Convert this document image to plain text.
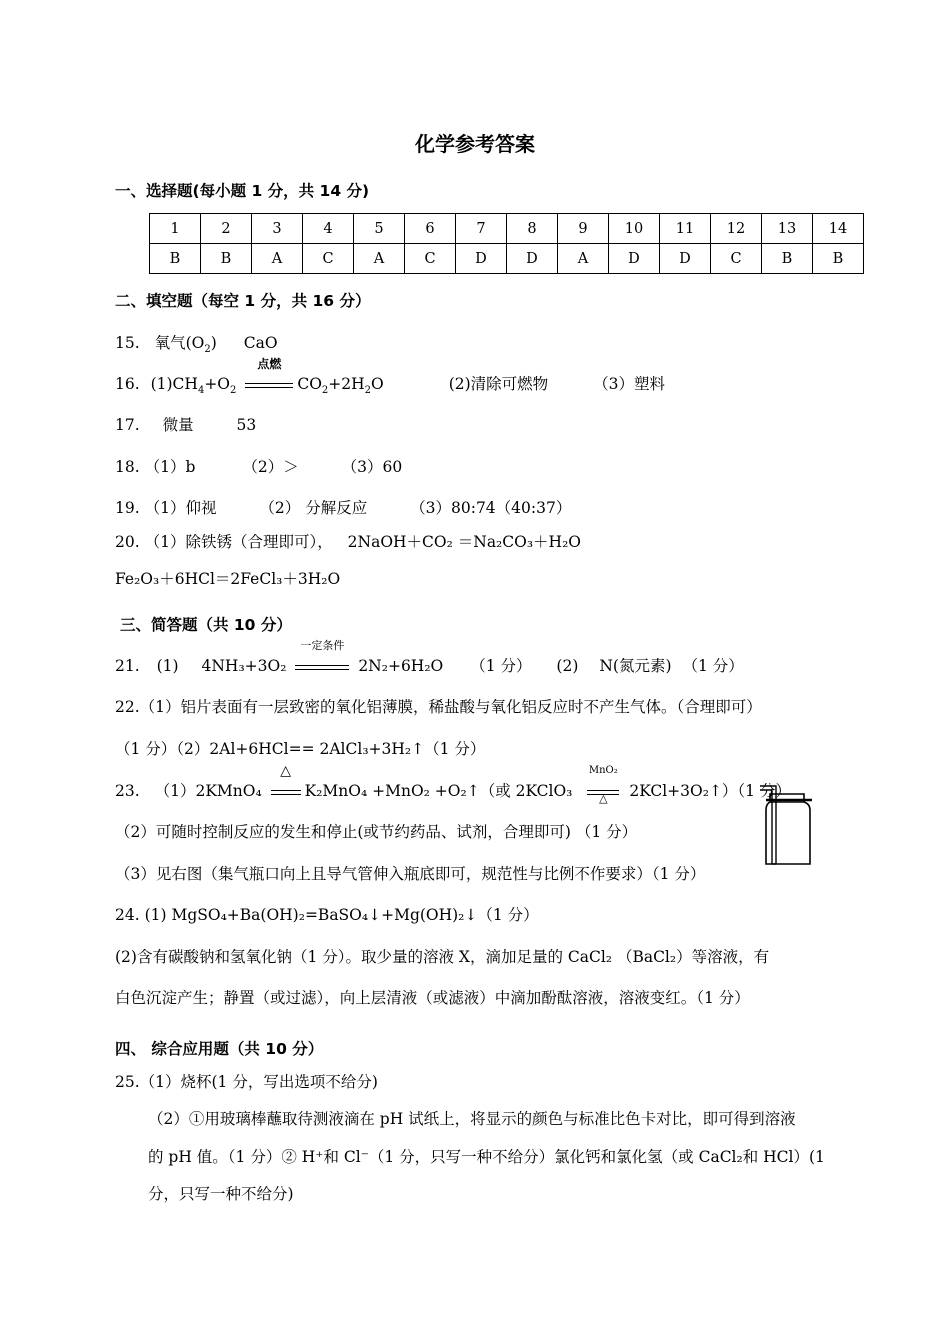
化学参考答案
一、选择题(每小题 1 分，共 14 分)
1	2	3	4	5	6	7	8	9	10	11	12	13	14
B	B	A	C	A	C	D	D	A	D	D	C	B	B
二、填空题（每空 1 分，共 16 分）
15. 氧气$(O_2)$ CaO
16. $(1)CH_4+O_2$
点燃
$CO_2+2H_2O$	(2)清除可燃物	（3）塑料
17. 微量	53
18. （1）b	（2）＞	（3）60
19. （1）仰视	（2） 分解反应	（3）80:74（40:37）
20. （1）除铁锈（合理即可）， 2NaOH＋CO₂ ＝Na₂CO₃＋H₂O
Fe₂O₃＋6HCl＝2FeCl₃＋3H₂O
三、简答题（共 10 分）
21. (1) 4NH₃+3O₂
一定条件
2N₂+6H₂O （1 分） (2) N(氮元素) （1 分）
22.（1）铝片表面有一层致密的氧化铝薄膜，稀盐酸与氧化铝反应时不产生气体。（合理即可）
（1 分）（2）2Al+6HCl== 2AlCl₃+3H₂↑（1 分）
23. （1）2KMnO₄
△
K₂MnO₄ +MnO₂ +O₂↑（或 2KClO₃
MnO₂
△	2KCl+3O₂↑）（1 分）
（2）可随时控制反应的发生和停止(或节约药品、试剂，合理即可) （1 分）
（3）见右图（集气瓶口向上且导气管伸入瓶底即可，规范性与比例不作要求）（1 分）
24. (1) MgSO₄+Ba(OH)₂=BaSO₄↓+Mg(OH)₂↓（1 分）
(2)含有碳酸钠和氢氧化钠（1 分）。取少量的溶液 X，滴加足量的 CaCl₂ （BaCl₂）等溶液，有
白色沉淀产生；静置（或过滤），向上层清液（或滤液）中滴加酚酞溶液，溶液变红。（1 分）
四、 综合应用题（共 10 分）
25.（1）烧杯(1 分，写出选项不给分)
（2）①用玻璃棒蘸取待测液滴在 pH 试纸上，将显示的颜色与标准比色卡对比，即可得到溶液
的 pH 值。（1 分）② H⁺和 Cl⁻（1 分，只写一种不给分）氯化钙和氯化氢（或 CaCl₂和 HCl）(1
分，只写一种不给分)
